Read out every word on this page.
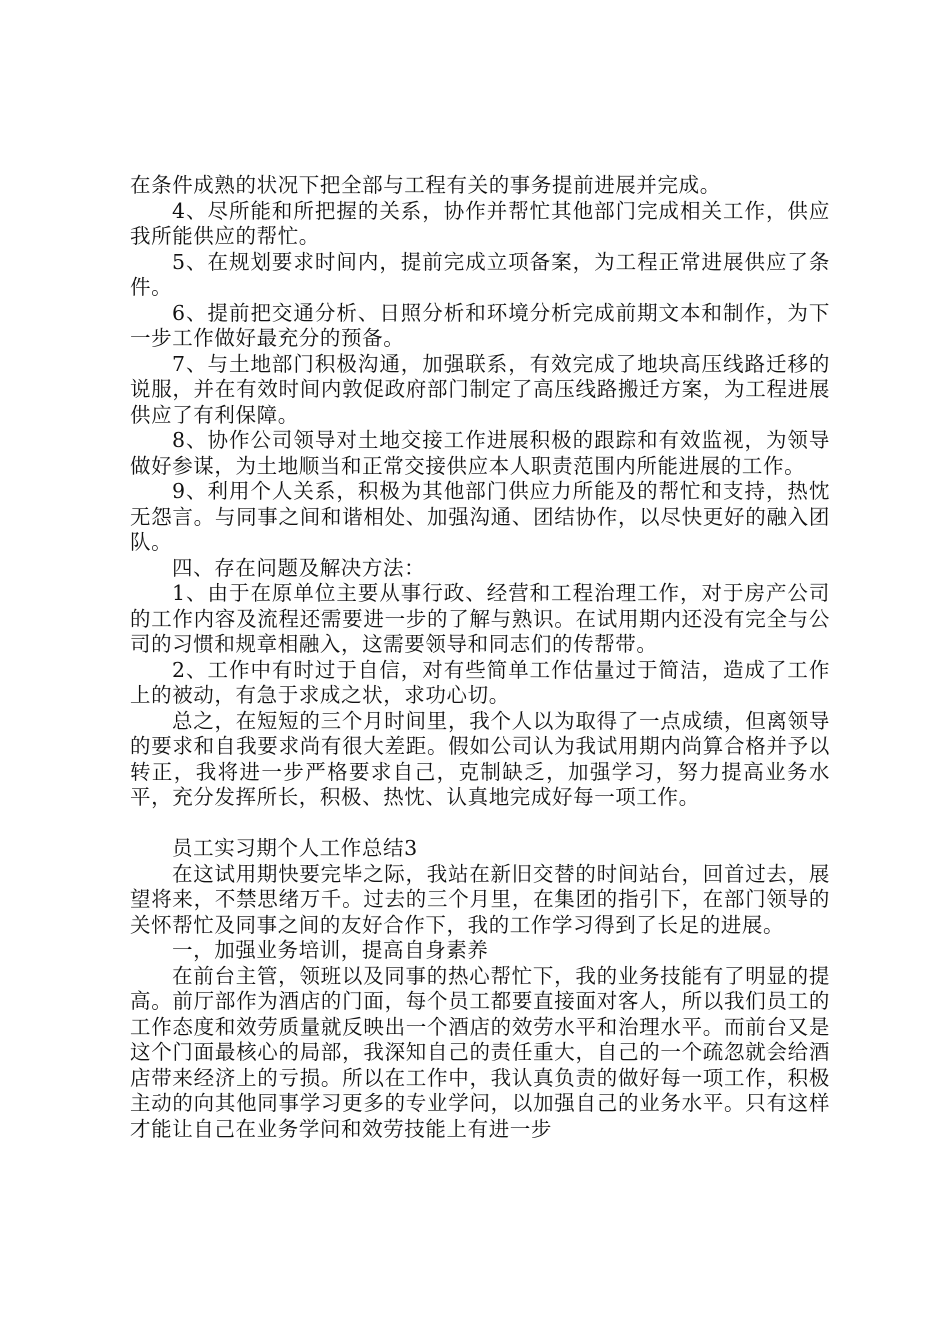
在条件成熟的状况下把全部与工程有关的事务提前进展并完成。

4、尽所能和所把握的关系，协作并帮忙其他部门完成相关工作，供应我所能供应的帮忙。

5、在规划要求时间内，提前完成立项备案，为工程正常进展供应了条件。

6、提前把交通分析、日照分析和环境分析完成前期文本和制作，为下一步工作做好最充分的预备。

7、与土地部门积极沟通，加强联系，有效完成了地块高压线路迁移的说服，并在有效时间内敦促政府部门制定了高压线路搬迁方案，为工程进展供应了有利保障。

8、协作公司领导对土地交接工作进展积极的跟踪和有效监视，为领导做好参谋，为土地顺当和正常交接供应本人职责范围内所能进展的工作。

9、利用个人关系，积极为其他部门供应力所能及的帮忙和支持，热忱无怨言。与同事之间和谐相处、加强沟通、团结协作，以尽快更好的融入团队。

四、存在问题及解决方法：

1、由于在原单位主要从事行政、经营和工程治理工作，对于房产公司的工作内容及流程还需要进一步的了解与熟识。在试用期内还没有完全与公司的习惯和规章相融入，这需要领导和同志们的传帮带。

2、工作中有时过于自信，对有些简单工作估量过于简洁，造成了工作上的被动，有急于求成之状，求功心切。

总之，在短短的三个月时间里，我个人以为取得了一点成绩，但离领导的要求和自我要求尚有很大差距。假如公司认为我试用期内尚算合格并予以转正，我将进一步严格要求自己，克制缺乏，加强学习，努力提高业务水平，充分发挥所长，积极、热忱、认真地完成好每一项工作。

员工实习期个人工作总结3

在这试用期快要完毕之际，我站在新旧交替的时间站台，回首过去，展望将来，不禁思绪万千。过去的三个月里，在集团的指引下，在部门领导的关怀帮忙及同事之间的友好合作下，我的工作学习得到了长足的进展。

一，加强业务培训，提高自身素养

在前台主管，领班以及同事的热心帮忙下，我的业务技能有了明显的提高。前厅部作为酒店的门面，每个员工都要直接面对客人，所以我们员工的工作态度和效劳质量就反映出一个酒店的效劳水平和治理水平。而前台又是这个门面最核心的局部，我深知自己的责任重大，自己的一个疏忽就会给酒店带来经济上的亏损。所以在工作中，我认真负责的做好每一项工作，积极主动的向其他同事学习更多的专业学问，以加强自己的业务水平。只有这样才能让自己在业务学问和效劳技能上有进一步
